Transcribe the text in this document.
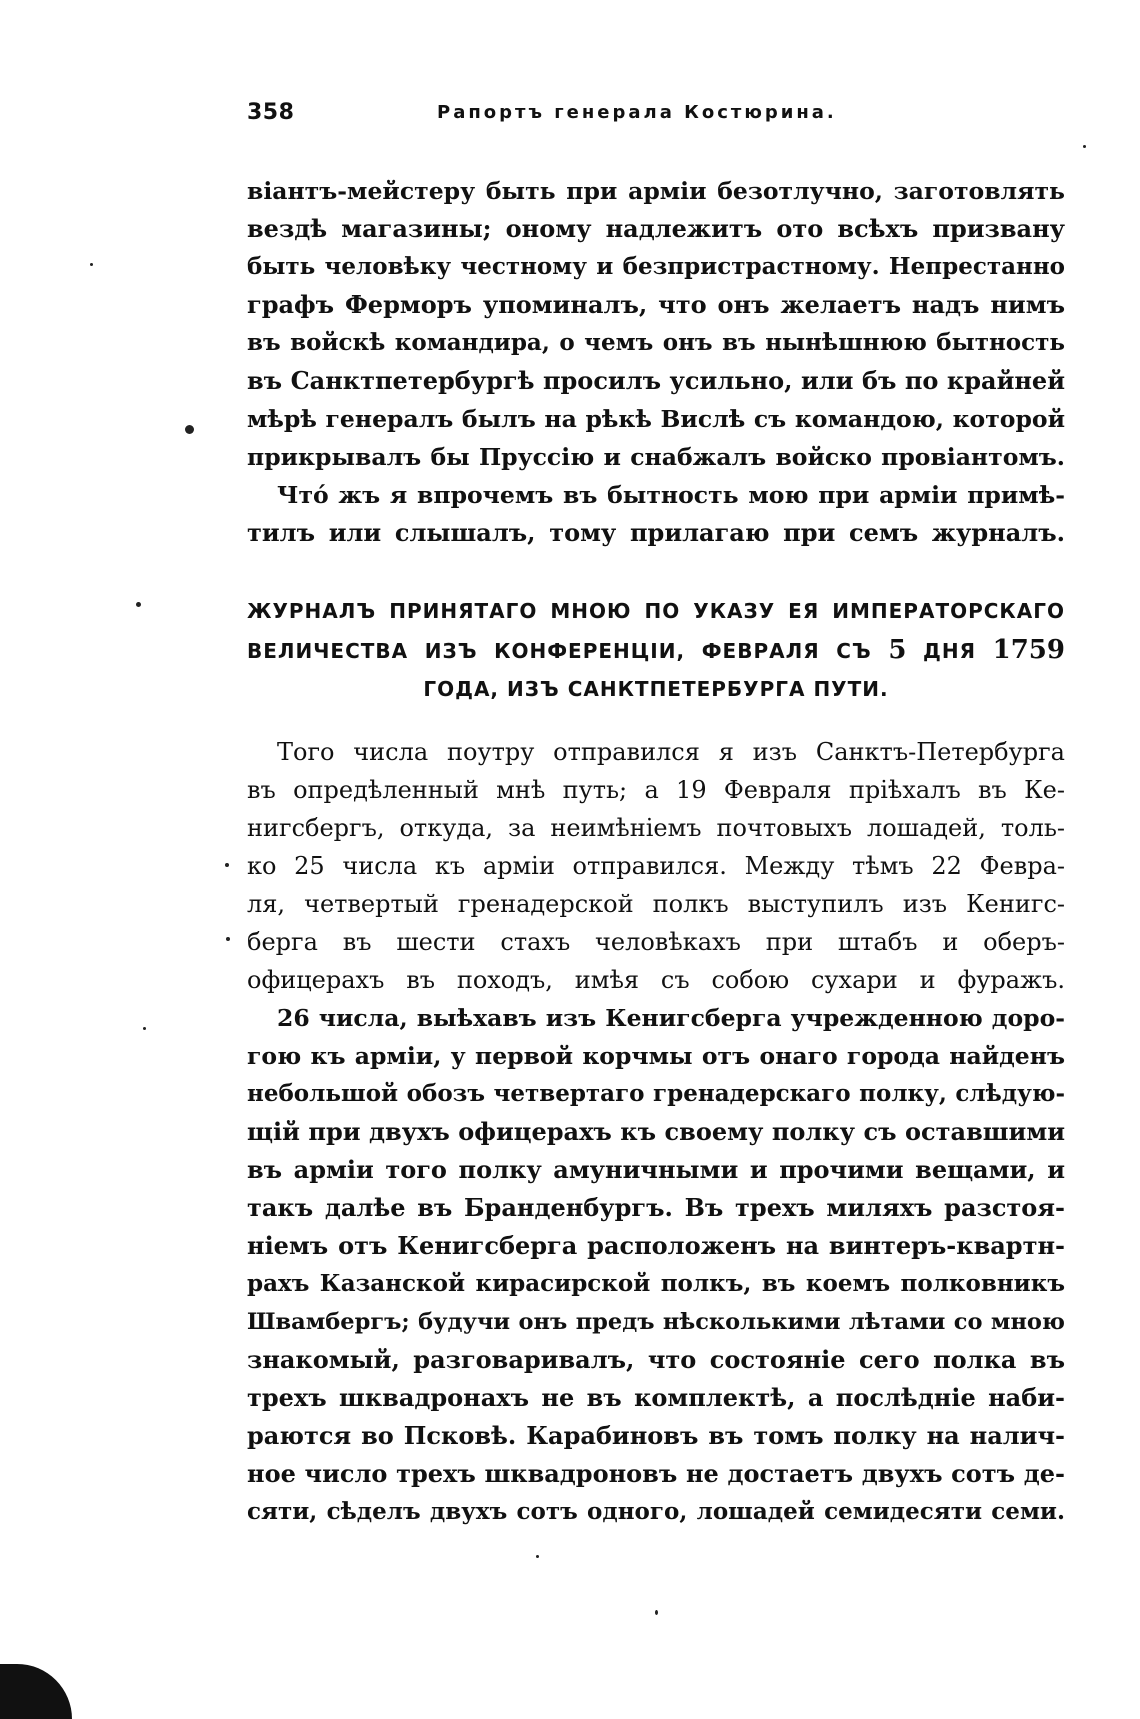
358	Рапортъ генерала Костюрина.
віантъ-мейстеру быть при арміи безотлучно, заготовлять
вездѣ магазины; оному надлежитъ ото всѣхъ призвану
быть человѣку честному и безпристрастному. Непрестанно
графъ Ферморъ упоминалъ, что онъ желаетъ надъ нимъ
въ войскѣ командира, о чемъ онъ въ нынѣшнюю бытность
въ Санктпетербургѣ просилъ усильно, или бъ по крайней
мѣрѣ генералъ былъ на рѣкѣ Вислѣ съ командою, которой
прикрывалъ бы Пруссію и снабжалъ войско провіантомъ.
Чтó жъ я впрочемъ въ бытность мою при арміи примѣ-
тилъ или слышалъ, тому прилагаю при семъ журналъ.
ЖУРНАЛЪ ПРИНЯТАГО МНОЮ ПО УКАЗУ ЕЯ ИМПЕРАТОРСКАГО
ВЕЛИЧЕСТВА ИЗЪ КОНФЕРЕНЦІИ, ФЕВРАЛЯ СЪ 5 ДНЯ 1759
ГОДА, ИЗЪ САНКТПЕТЕРБУРГА ПУТИ.
Того числа поутру отправился я изъ Санктъ-Петербурга
въ опредѣленный мнѣ путь; а 19 Февраля пріѣхалъ въ Ке-
нигсбергъ, откуда, за неимѣніемъ почтовыхъ лошадей, толь-
ко 25 числа къ арміи отправился. Между тѣмъ 22 Февра-
ля, четвертый гренадерской полкъ выступилъ изъ Кенигс-
берга въ шести стахъ человѣкахъ при штабъ и оберъ-
офицерахъ въ походъ, имѣя съ собою сухари и фуражъ.
26 числа, выѣхавъ изъ Кенигсберга учрежденною доро-
гою къ арміи, у первой корчмы отъ онаго города найденъ
небольшой обозъ четвертаго гренадерскаго полку, слѣдую-
щій при двухъ офицерахъ къ своему полку съ оставшими
въ арміи того полку амуничными и прочими вещами, и
такъ далѣе въ Бранденбургъ. Въ трехъ миляхъ разстоя-
ніемъ отъ Кенигсберга расположенъ на винтеръ-квартн-
рахъ Казанской кирасирской полкъ, въ коемъ полковникъ
Швамбергъ; будучи онъ предъ нѣсколькими лѣтами со мною
знакомый, разговаривалъ, что состояніе сего полка въ
трехъ шквадронахъ не въ комплектѣ, а послѣдніе наби-
раются во Псковѣ. Карабиновъ въ томъ полку на налич-
ное число трехъ шквадроновъ не достаетъ двухъ сотъ де-
сяти, сѣделъ двухъ сотъ одного, лошадей семидесяти семи.
